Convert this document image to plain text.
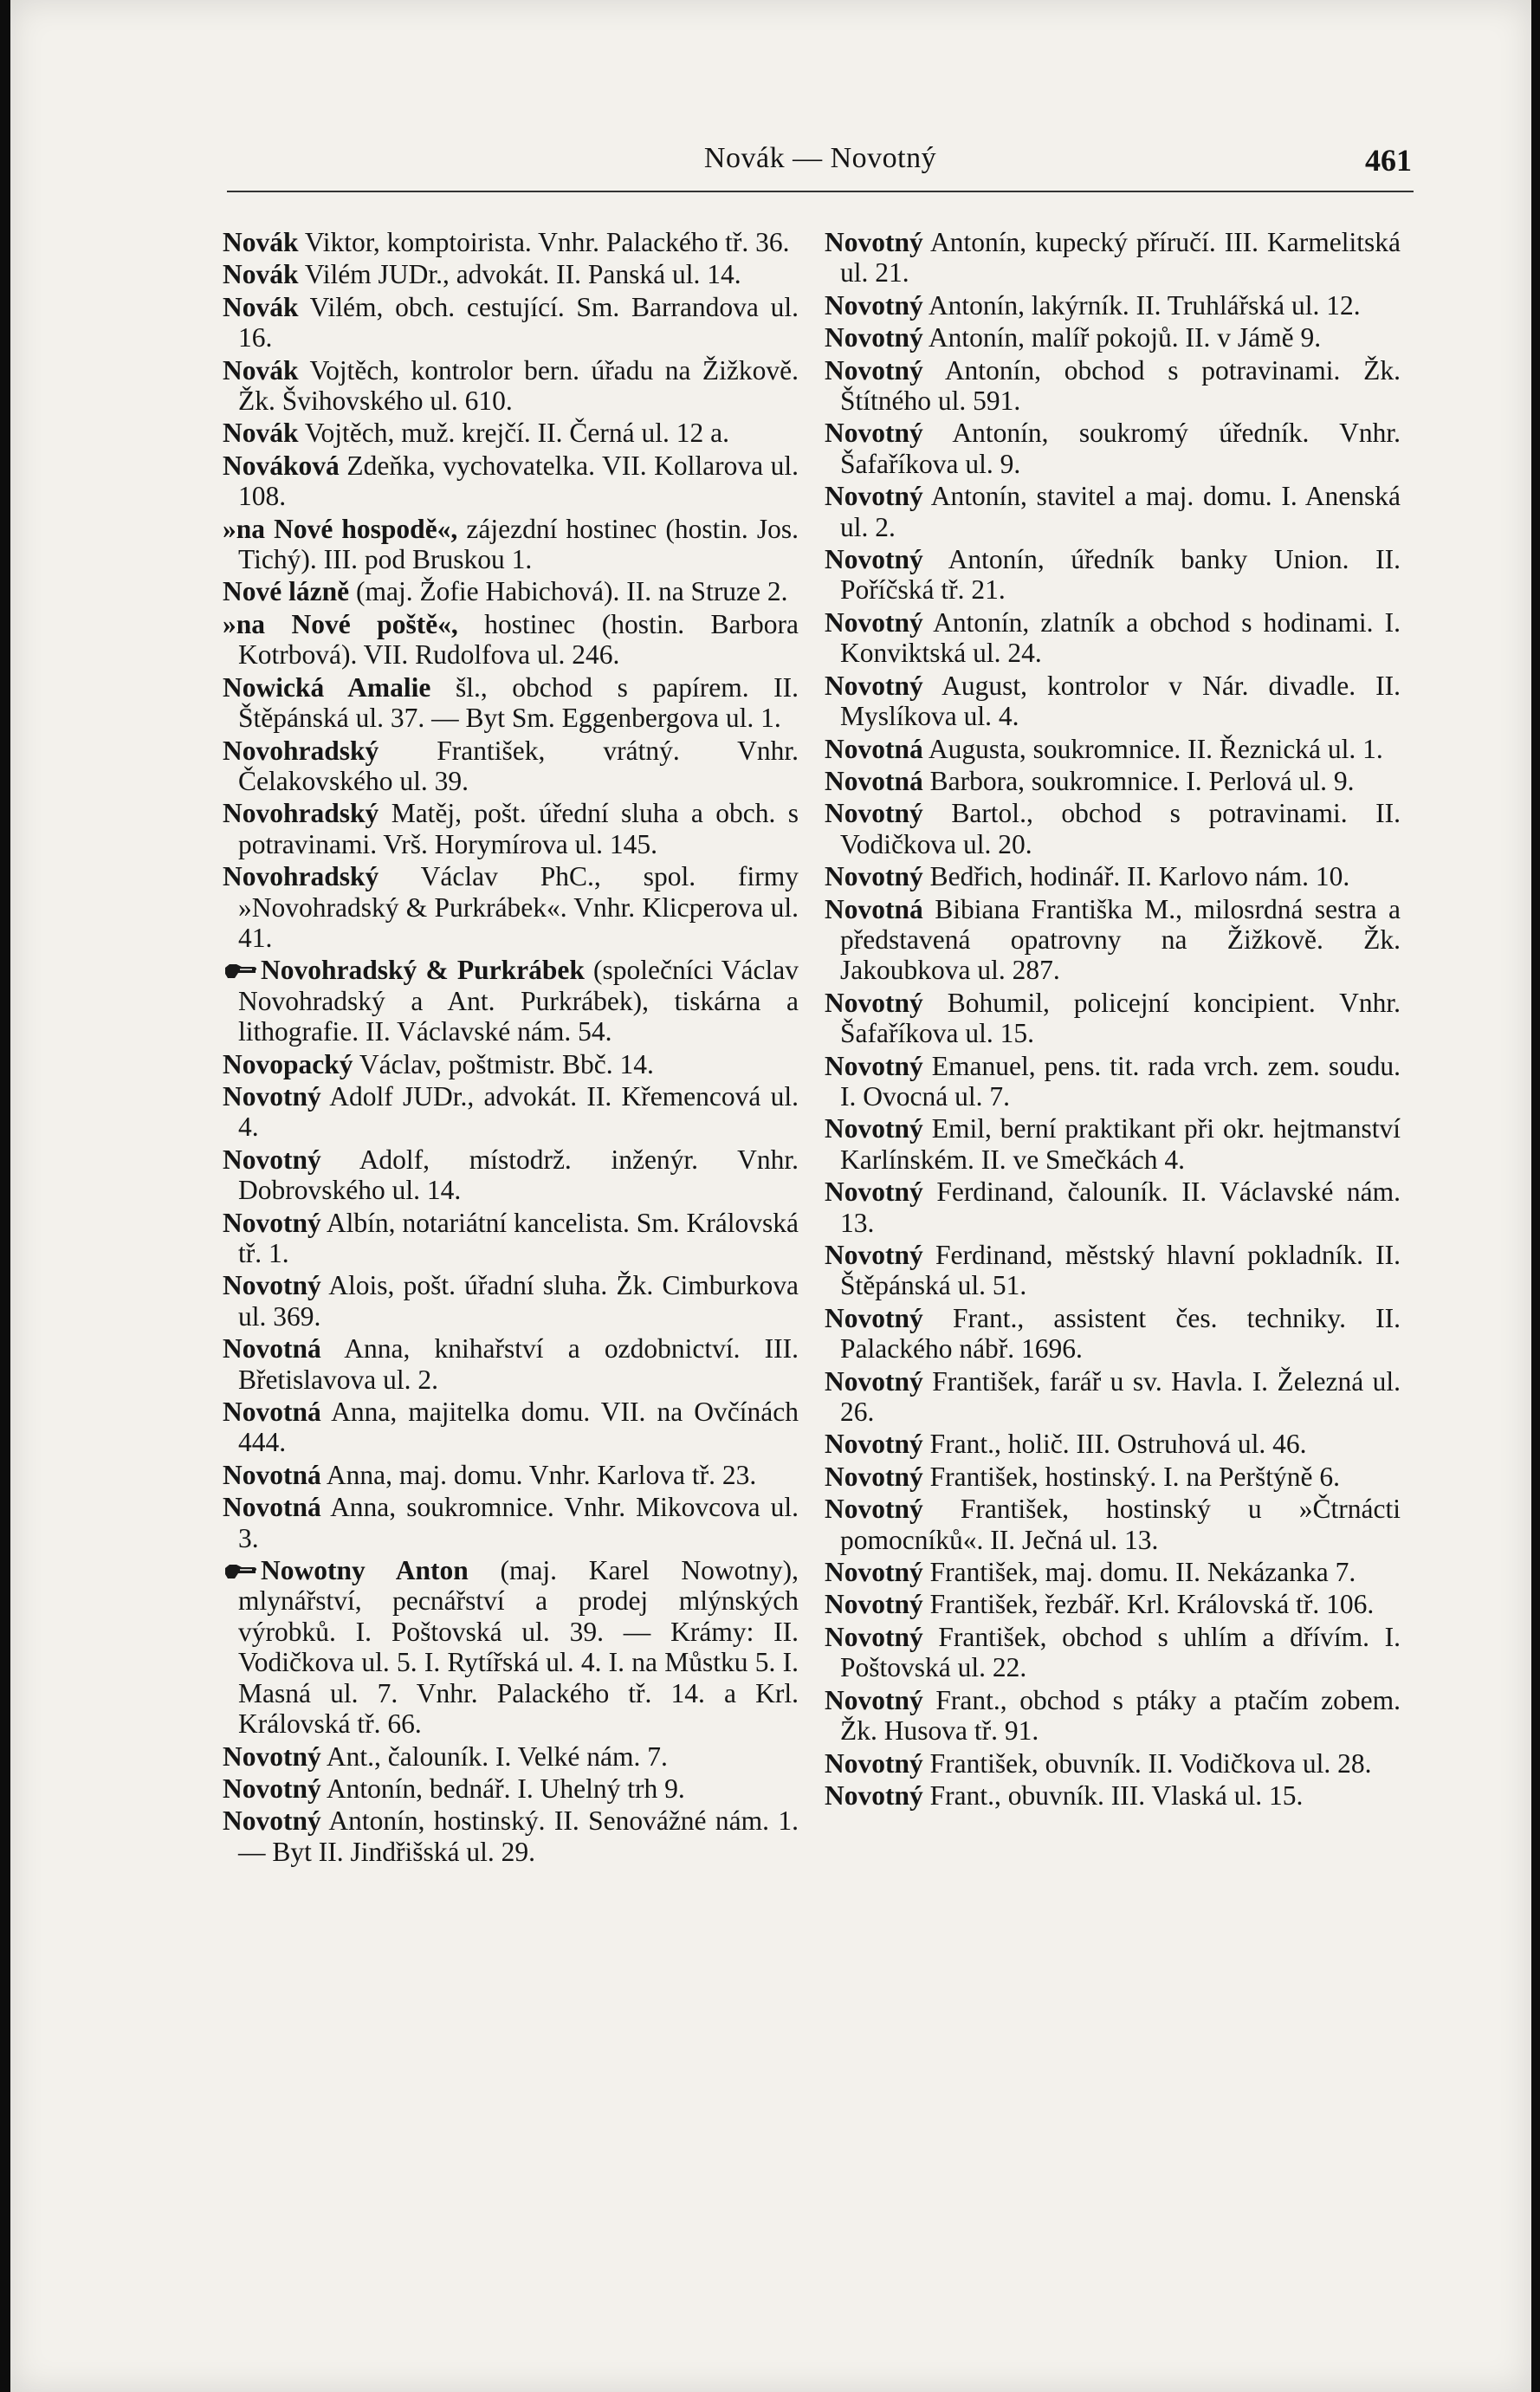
Novák — Novotný	461

Novák Viktor, komptoirista. Vnhr. Palackého tř. 36.

Novák Vilém JUDr., advokát. II. Panská ul. 14.

Novák Vilém, obch. cestující. Sm. Barrandova ul. 16.

Novák Vojtěch, kontrolor bern. úřadu na Žižkově. Žk. Švihovského ul. 610.

Novák Vojtěch, muž. krejčí. II. Černá ul. 12 a.

Nováková Zdeňka, vychovatelka. VII. Kollarova ul. 108.

»na Nové hospodě«, zájezdní hostinec (hostin. Jos. Tichý). III. pod Bruskou 1.

Nové lázně (maj. Žofie Habichová). II. na Struze 2.

»na Nové poště«, hostinec (hostin. Barbora Kotrbová). VII. Rudolfova ul. 246.

Nowická Amalie šl., obchod s papírem. II. Štěpánská ul. 37. — Byt Sm. Eggenbergova ul. 1.

Novohradský František, vrátný. Vnhr. Čelakovského ul. 39.

Novohradský Matěj, pošt. úřední sluha a obch. s potravinami. Vrš. Horymírova ul. 145.

Novohradský Václav PhC., spol. firmy »Novohradský & Purkrábek«. Vnhr. Klicperova ul. 41.

Novohradský & Purkrábek (společníci Václav Novohradský a Ant. Purkrábek), tiskárna a lithografie. II. Václavské nám. 54.

Novopacký Václav, poštmistr. Bbč. 14.

Novotný Adolf JUDr., advokát. II. Křemencová ul. 4.

Novotný Adolf, místodrž. inženýr. Vnhr. Dobrovského ul. 14.

Novotný Albín, notariátní kancelista. Sm. Královská tř. 1.

Novotný Alois, pošt. úřadní sluha. Žk. Cimburkova ul. 369.

Novotná Anna, knihařství a ozdobnictví. III. Břetislavova ul. 2.

Novotná Anna, majitelka domu. VII. na Ovčínách 444.

Novotná Anna, maj. domu. Vnhr. Karlova tř. 23.

Novotná Anna, soukromnice. Vnhr. Mikovcova ul. 3.

Nowotny Anton (maj. Karel Nowotny), mlynářství, pecnářství a prodej mlýnských výrobků. I. Poštovská ul. 39. — Krámy: II. Vodičkova ul. 5. I. Rytířská ul. 4. I. na Můstku 5. I. Masná ul. 7. Vnhr. Palackého tř. 14. a Krl. Královská tř. 66.

Novotný Ant., čalouník. I. Velké nám. 7.

Novotný Antonín, bednář. I. Uhelný trh 9.

Novotný Antonín, hostinský. II. Senovážné nám. 1. — Byt II. Jindřišská ul. 29.

Novotný Antonín, kupecký příručí. III. Karmelitská ul. 21.

Novotný Antonín, lakýrník. II. Truhlářská ul. 12.

Novotný Antonín, malíř pokojů. II. v Jámě 9.

Novotný Antonín, obchod s potravinami. Žk. Štítného ul. 591.

Novotný Antonín, soukromý úředník. Vnhr. Šafaříkova ul. 9.

Novotný Antonín, stavitel a maj. domu. I. Anenská ul. 2.

Novotný Antonín, úředník banky Union. II. Poříčská tř. 21.

Novotný Antonín, zlatník a obchod s hodinami. I. Konviktská ul. 24.

Novotný August, kontrolor v Nár. divadle. II. Myslíkova ul. 4.

Novotná Augusta, soukromnice. II. Řeznická ul. 1.

Novotná Barbora, soukromnice. I. Perlová ul. 9.

Novotný Bartol., obchod s potravinami. II. Vodičkova ul. 20.

Novotný Bedřich, hodinář. II. Karlovo nám. 10.

Novotná Bibiana Františka M., milosrdná sestra a představená opatrovny na Žižkově. Žk. Jakoubkova ul. 287.

Novotný Bohumil, policejní koncipient. Vnhr. Šafaříkova ul. 15.

Novotný Emanuel, pens. tit. rada vrch. zem. soudu. I. Ovocná ul. 7.

Novotný Emil, berní praktikant při okr. hejtmanství Karlínském. II. ve Smečkách 4.

Novotný Ferdinand, čalouník. II. Václavské nám. 13.

Novotný Ferdinand, městský hlavní pokladník. II. Štěpánská ul. 51.

Novotný Frant., assistent čes. techniky. II. Palackého nábř. 1696.

Novotný František, farář u sv. Havla. I. Železná ul. 26.

Novotný Frant., holič. III. Ostruhová ul. 46.

Novotný František, hostinský. I. na Perštýně 6.

Novotný František, hostinský u »Čtrnácti pomocníků«. II. Ječná ul. 13.

Novotný František, maj. domu. II. Nekázanka 7.

Novotný František, řezbář. Krl. Královská tř. 106.

Novotný František, obchod s uhlím a dřívím. I. Poštovská ul. 22.

Novotný Frant., obchod s ptáky a ptačím zobem. Žk. Husova tř. 91.

Novotný František, obuvník. II. Vodičkova ul. 28.

Novotný Frant., obuvník. III. Vlaská ul. 15.
